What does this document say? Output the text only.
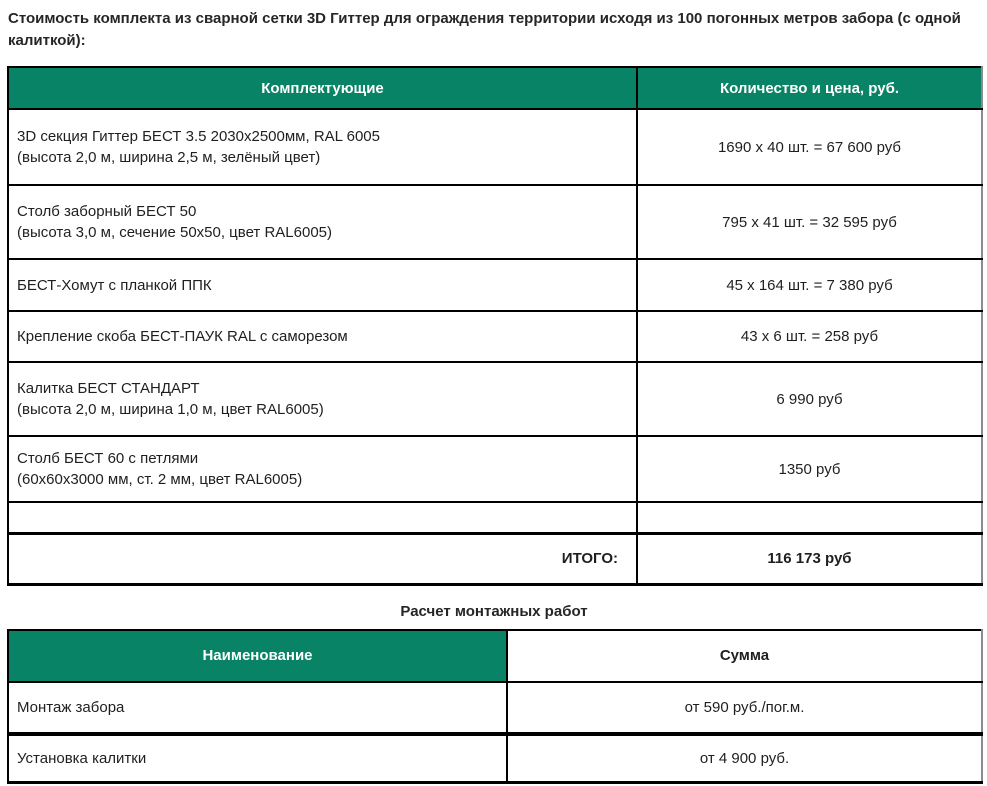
Стоимость комплекта из сварной сетки 3D Гиттер для ограждения территории исходя из 100 погонных метров забора (с одной калиткой):

Комплектующие	Количество и цена, руб.

3D секция Гиттер БЕСТ 3.5 2030х2500мм, RAL 6005
(высота 2,0 м, ширина 2,5 м, зелёный цвет)	1690 х 40 шт. = 67 600 руб

Столб заборный БЕСТ 50
(высота 3,0 м, сечение 50х50, цвет RAL6005)	795 х 41 шт. = 32 595 руб

БЕСТ-Хомут с планкой ППК	45 х 164 шт. = 7 380 руб

Крепление скоба БЕСТ-ПАУК RAL с саморезом	43 х 6 шт. = 258 руб

Калитка БЕСТ СТАНДАРТ
(высота 2,0 м, ширина 1,0 м, цвет RAL6005)	6 990 руб

Столб БЕСТ 60 с петлями
(60х60х3000 мм, ст. 2 мм, цвет RAL6005)	1350 руб

ИТОГО:	116 173 руб
Расчет монтажных работ
Наименование	Сумма
Монтаж забора	от 590 руб./пог.м.
Установка калитки	от 4 900 руб.
